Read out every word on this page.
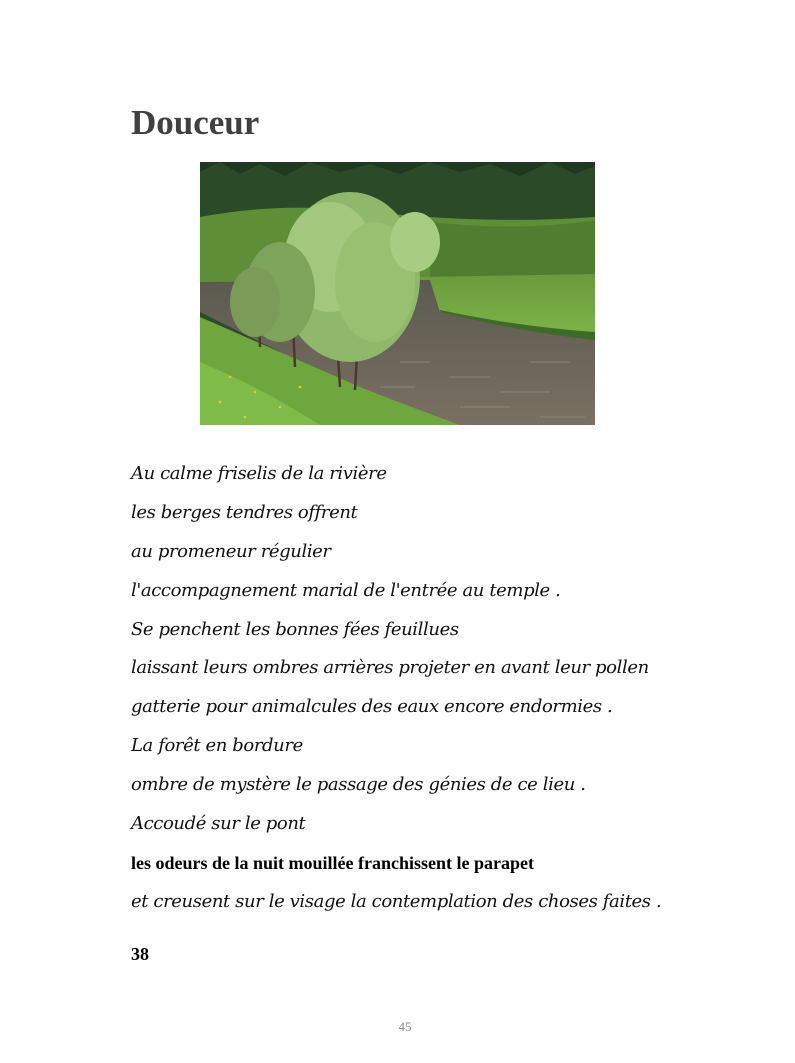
Douceur
Au calme friselis de la rivière
les berges tendres offrent
au promeneur régulier
l'accompagnement marial de l'entrée au temple .
Se penchent les bonnes fées feuillues
laissant leurs ombres arrières projeter en avant leur pollen
gatterie pour animalcules des eaux encore endormies .
La forêt en bordure
ombre de mystère le passage des génies de ce lieu .
Accoudé sur le pont
les odeurs de la nuit mouillée franchissent le parapet
et creusent sur le visage la contemplation des choses faites .
38
45
